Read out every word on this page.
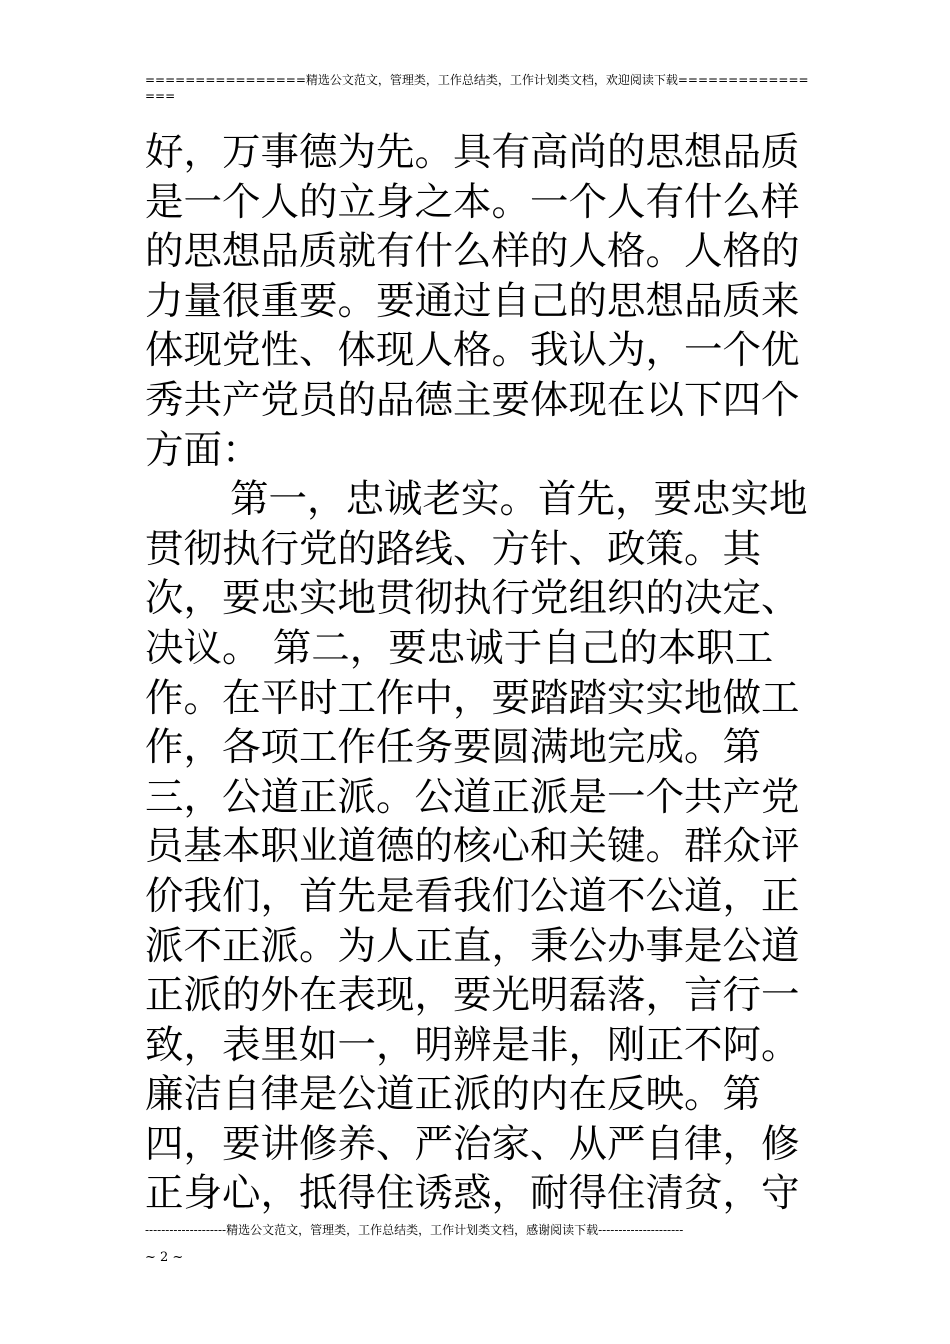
================精选公文范文，管理类，工作总结类，工作计划类文档，欢迎阅读下载================

好，万事德为先。具有高尚的思想品质是一个人的立身之本。一个人有什么样的思想品质就有什么样的人格。人格的力量很重要。要通过自己的思想品质来体现党性、体现人格。我认为，一个优秀共产党员的品德主要体现在以下四个方面：

第一，忠诚老实。首先，要忠实地贯彻执行党的路线、方针、政策。其次，要忠实地贯彻执行党组织的决定、决议。 第二，要忠诚于自己的本职工作。在平时工作中，要踏踏实实地做工作，各项工作任务要圆满地完成。第三，公道正派。公道正派是一个共产党员基本职业道德的核心和关键。群众评价我们，首先是看我们公道不公道，正派不正派。为人正直，秉公办事是公道正派的外在表现，要光明磊落，言行一致，表里如一，明辨是非，刚正不阿。廉洁自律是公道正派的内在反映。第四，要讲修养、严治家、从严自律，修正身心，抵得住诱惑，耐得住清贫，守

--------------------精选公文范文，管理类，工作总结类，工作计划类文档，感谢阅读下载---------------------
~ 2 ~
